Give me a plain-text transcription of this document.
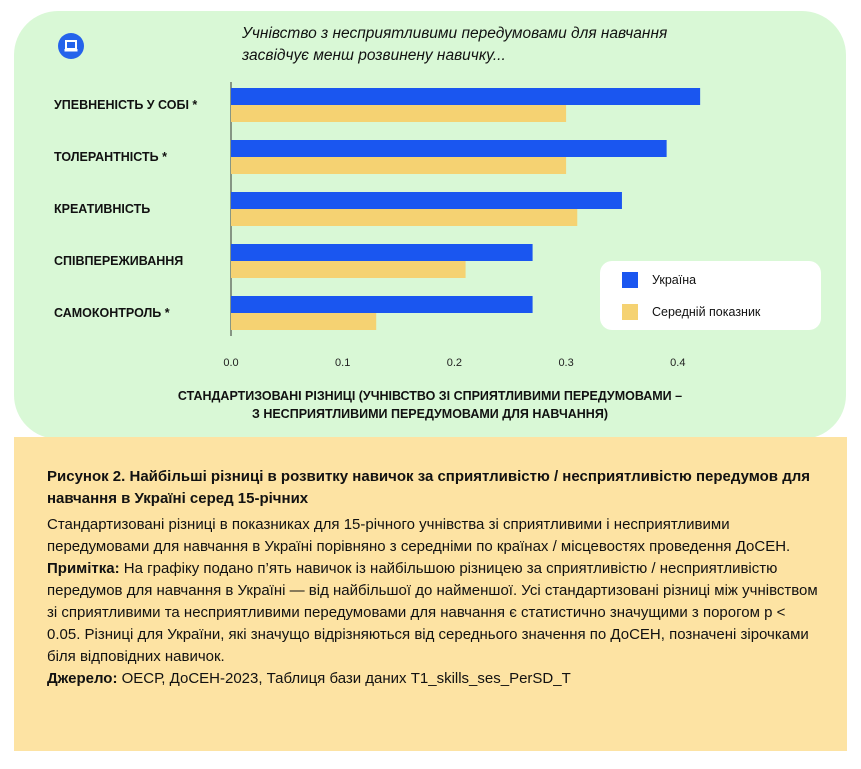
Учнівство з несприятливими передумовами для навчання
засвідчує менш розвинену навичку...
УПЕВНЕНІСТЬ У СОБІ *
ТОЛЕРАНТНІСТЬ *
КРЕАТИВНІСТЬ
СПІВПЕРЕЖИВАННЯ
САМОКОНТРОЛЬ *
0.0	0.1	0.2	0.3	0.4
СТАНДАРТИЗОВАНІ РІЗНИЦІ (УЧНІВСТВО ЗІ СПРИЯТЛИВИМИ ПЕРЕДУМОВАМИ –
З НЕСПРИЯТЛИВИМИ ПЕРЕДУМОВАМИ ДЛЯ НАВЧАННЯ)
Україна
Середній показник
Рисунок 2. Найбільші різниці в розвитку навичок за сприятливістю / несприятливістю передумов для навчання в Україні серед 15-річних

Стандартизовані різниці в показниках для 15-річного учнівства зі сприятливими і несприятливими передумовами для навчання в Україні порівняно з середніми по країнах / місцевостях проведення ДоСЕН.

Примітка: На графіку подано п’ять навичок із найбільшою різницею за сприятливістю / несприятливістю передумов для навчання в Україні — від найбільшої до найменшої. Усі стандартизовані різниці між учнівством зі сприятливими та несприятливими передумовами для навчання є статистично значущими з порогом p < 0.05. Різниці для України, які значущо відрізняються від середнього значення по ДоСЕН, позначені зірочками біля відповідних навичок.

Джерело: ОЕСР, ДоСЕН-2023, Таблиця бази даних T1_skills_ses_PerSD_T
